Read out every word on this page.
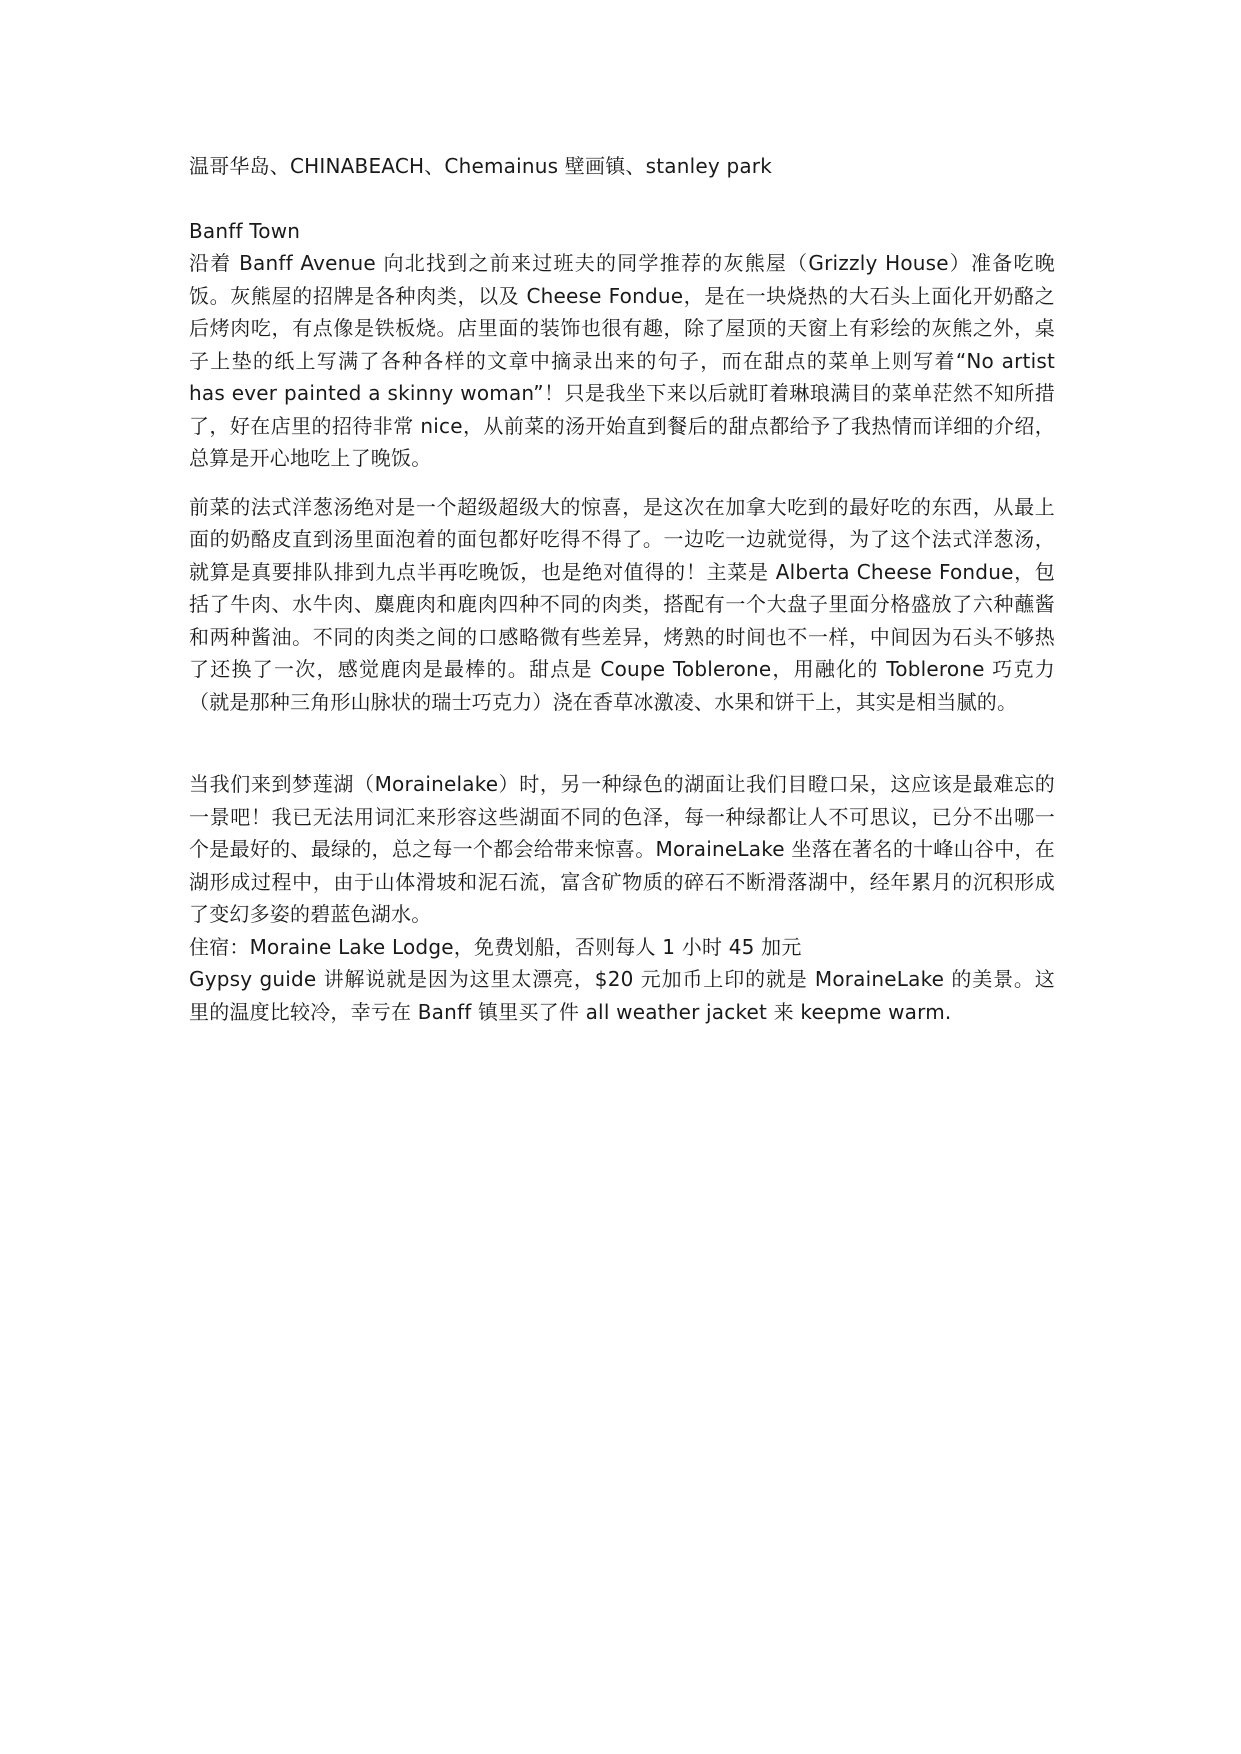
温哥华岛、CHINABEACH、Chemainus 壁画镇、stanley park

Banff Town

沿着 Banff Avenue 向北找到之前来过班夫的同学推荐的灰熊屋（Grizzly House）准备吃晚饭。灰熊屋的招牌是各种肉类，以及 Cheese Fondue，是在一块烧热的大石头上面化开奶酪之后烤肉吃，有点像是铁板烧。店里面的装饰也很有趣，除了屋顶的天窗上有彩绘的灰熊之外，桌子上垫的纸上写满了各种各样的文章中摘录出来的句子，而在甜点的菜单上则写着“No artist has ever painted a skinny woman”！只是我坐下来以后就盯着琳琅满目的菜单茫然不知所措了，好在店里的招待非常 nice，从前菜的汤开始直到餐后的甜点都给予了我热情而详细的介绍，总算是开心地吃上了晚饭。

前菜的法式洋葱汤绝对是一个超级超级大的惊喜，是这次在加拿大吃到的最好吃的东西，从最上面的奶酪皮直到汤里面泡着的面包都好吃得不得了。一边吃一边就觉得，为了这个法式洋葱汤，就算是真要排队排到九点半再吃晚饭，也是绝对值得的！主菜是 Alberta Cheese Fondue，包括了牛肉、水牛肉、麋鹿肉和鹿肉四种不同的肉类，搭配有一个大盘子里面分格盛放了六种蘸酱和两种酱油。不同的肉类之间的口感略微有些差异，烤熟的时间也不一样，中间因为石头不够热了还换了一次，感觉鹿肉是最棒的。甜点是 Coupe Toblerone，用融化的 Toblerone 巧克力（就是那种三角形山脉状的瑞士巧克力）浇在香草冰激凌、水果和饼干上，其实是相当腻的。

当我们来到梦莲湖（Morainelake）时，另一种绿色的湖面让我们目瞪口呆，这应该是最难忘的一景吧！我已无法用词汇来形容这些湖面不同的色泽，每一种绿都让人不可思议，已分不出哪一个是最好的、最绿的，总之每一个都会给带来惊喜。MoraineLake 坐落在著名的十峰山谷中，在湖形成过程中，由于山体滑坡和泥石流，富含矿物质的碎石不断滑落湖中，经年累月的沉积形成了变幻多姿的碧蓝色湖水。

住宿：Moraine Lake Lodge，免费划船，否则每人 1 小时 45 加元

Gypsy guide 讲解说就是因为这里太漂亮，$20 元加币上印的就是 MoraineLake 的美景。这里的温度比较冷，幸亏在 Banff 镇里买了件 all weather jacket 来 keepme warm.
